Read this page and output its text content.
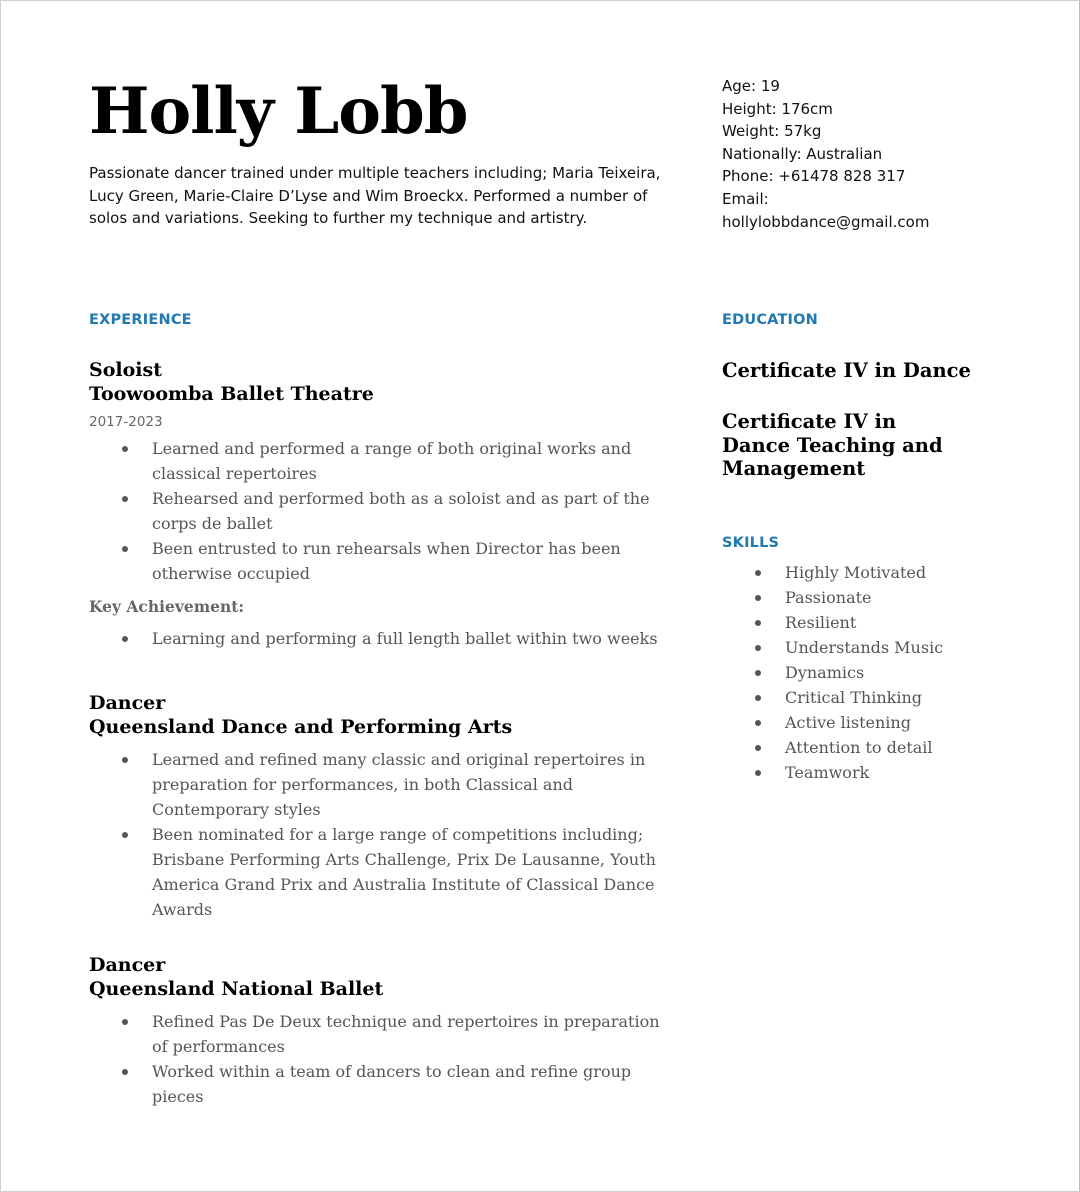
Holly Lobb
Passionate dancer trained under multiple teachers including; Maria Teixeira, Lucy Green, Marie-Claire D’Lyse and Wim Broeckx. Performed a number of solos and variations. Seeking to further my technique and artistry.
EXPERIENCE
Soloist
Toowoomba Ballet Theatre
2017-2023
Learned and performed a range of both original works and classical repertoires
Rehearsed and performed both as a soloist and as part of the corps de ballet
Been entrusted to run rehearsals when Director has been otherwise occupied
Key Achievement:
Learning and performing a full length ballet within two weeks
Dancer
Queensland Dance and Performing Arts
Learned and refined many classic and original repertoires in preparation for performances, in both Classical and Contemporary styles
Been nominated for a large range of competitions including; Brisbane Performing Arts Challenge, Prix De Lausanne, Youth America Grand Prix and Australia Institute of Classical Dance Awards
Dancer
Queensland National Ballet
Refined Pas De Deux technique and repertoires in preparation of performances
Worked within a team of dancers to clean and refine group pieces
Age: 19
Height: 176cm
Weight: 57kg
Nationally: Australian
Phone: +61478 828 317
Email:
hollylobbdance@gmail.com
EDUCATION
Certificate IV in Dance
Certificate IV in Dance Teaching and Management
SKILLS
Highly Motivated
Passionate
Resilient
Understands Music
Dynamics
Critical Thinking
Active listening
Attention to detail
Teamwork
